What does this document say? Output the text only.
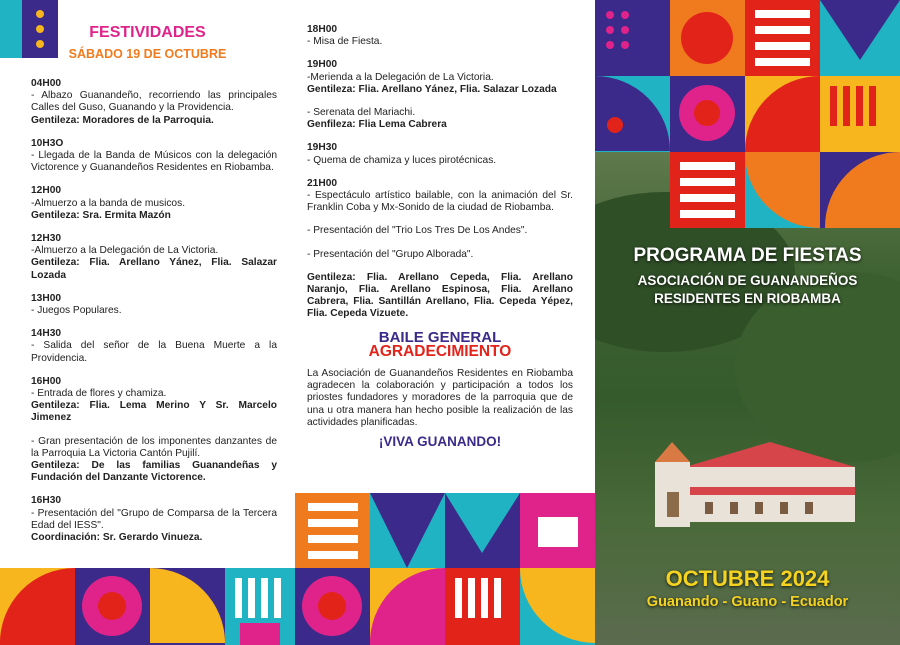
FESTIVIDADES
SÁBADO 19 DE OCTUBRE
04H00
- Albazo Guanandeño, recorriendo las principales Calles del Guso, Guanando y la Providencia.
Gentileza: Moradores de la Parroquia.
10H3O
- Llegada de la Banda de Músicos con la delegación Victorence y Guanandeños Residentes en Riobamba.
12H00
-Almuerzo a la banda de musicos.
Gentileza: Sra. Ermita Mazón
12H30
-Almuerzo a la Delegación de La Victoria.
Gentileza: Flia. Arellano Yánez, Flia. Salazar Lozada
13H00
- Juegos Populares.
14H30
- Salida del señor de la Buena Muerte a la Providencia.
16H00
- Entrada de flores y chamiza.
Gentileza: Flia. Lema Merino Y Sr. Marcelo Jimenez
- Gran presentación de los imponentes danzantes de la Parroquia La Victoria Cantón Pujilí.
Gentileza: De las familias Guanandeñas y Fundación del Danzante Victorence.
16H30
- Presentación del "Grupo de Comparsa de la Tercera Edad del IESS".
Coordinación: Sr. Gerardo Vinueza.
18H00
- Misa de Fiesta.
19H00
-Merienda a la Delegación de La Victoria.
Gentileza: Flia. Arellano Yánez, Flia. Salazar Lozada
- Serenata del Mariachi.
Genfileza: Flia Lema Cabrera
19H30
- Quema de chamiza y luces pirotécnicas.
21H00
- Espectáculo artístico bailable, con la animación del Sr. Franklin Coba y Mx-Sonido de la ciudad de Riobamba.
- Presentación del "Trio Los Tres De Los Andes".
- Presentación del "Grupo Alborada".
Gentileza: Flia. Arellano Cepeda, Flia. Arellano Naranjo, Flia. Arellano Espinosa, Flia. Arellano Cabrera, Flia. Santillán Arellano, Flia. Cepeda Yépez, Flia. Cepeda Vizuete.
BAILE GENERAL
AGRADECIMIENTO
La Asociación de Guanandeños Residentes en Riobamba agradecen la colaboración y participación a todos los priostes fundadores y moradores de la parroquia que de una u otra manera han hecho posible la realización de las actividades planificadas.
¡VIVA GUANANDO!
PROGRAMA DE FIESTAS
ASOCIACIÓN DE GUANANDEÑOS
RESIDENTES EN RIOBAMBA
OCTUBRE 2024
Guanando - Guano - Ecuador
